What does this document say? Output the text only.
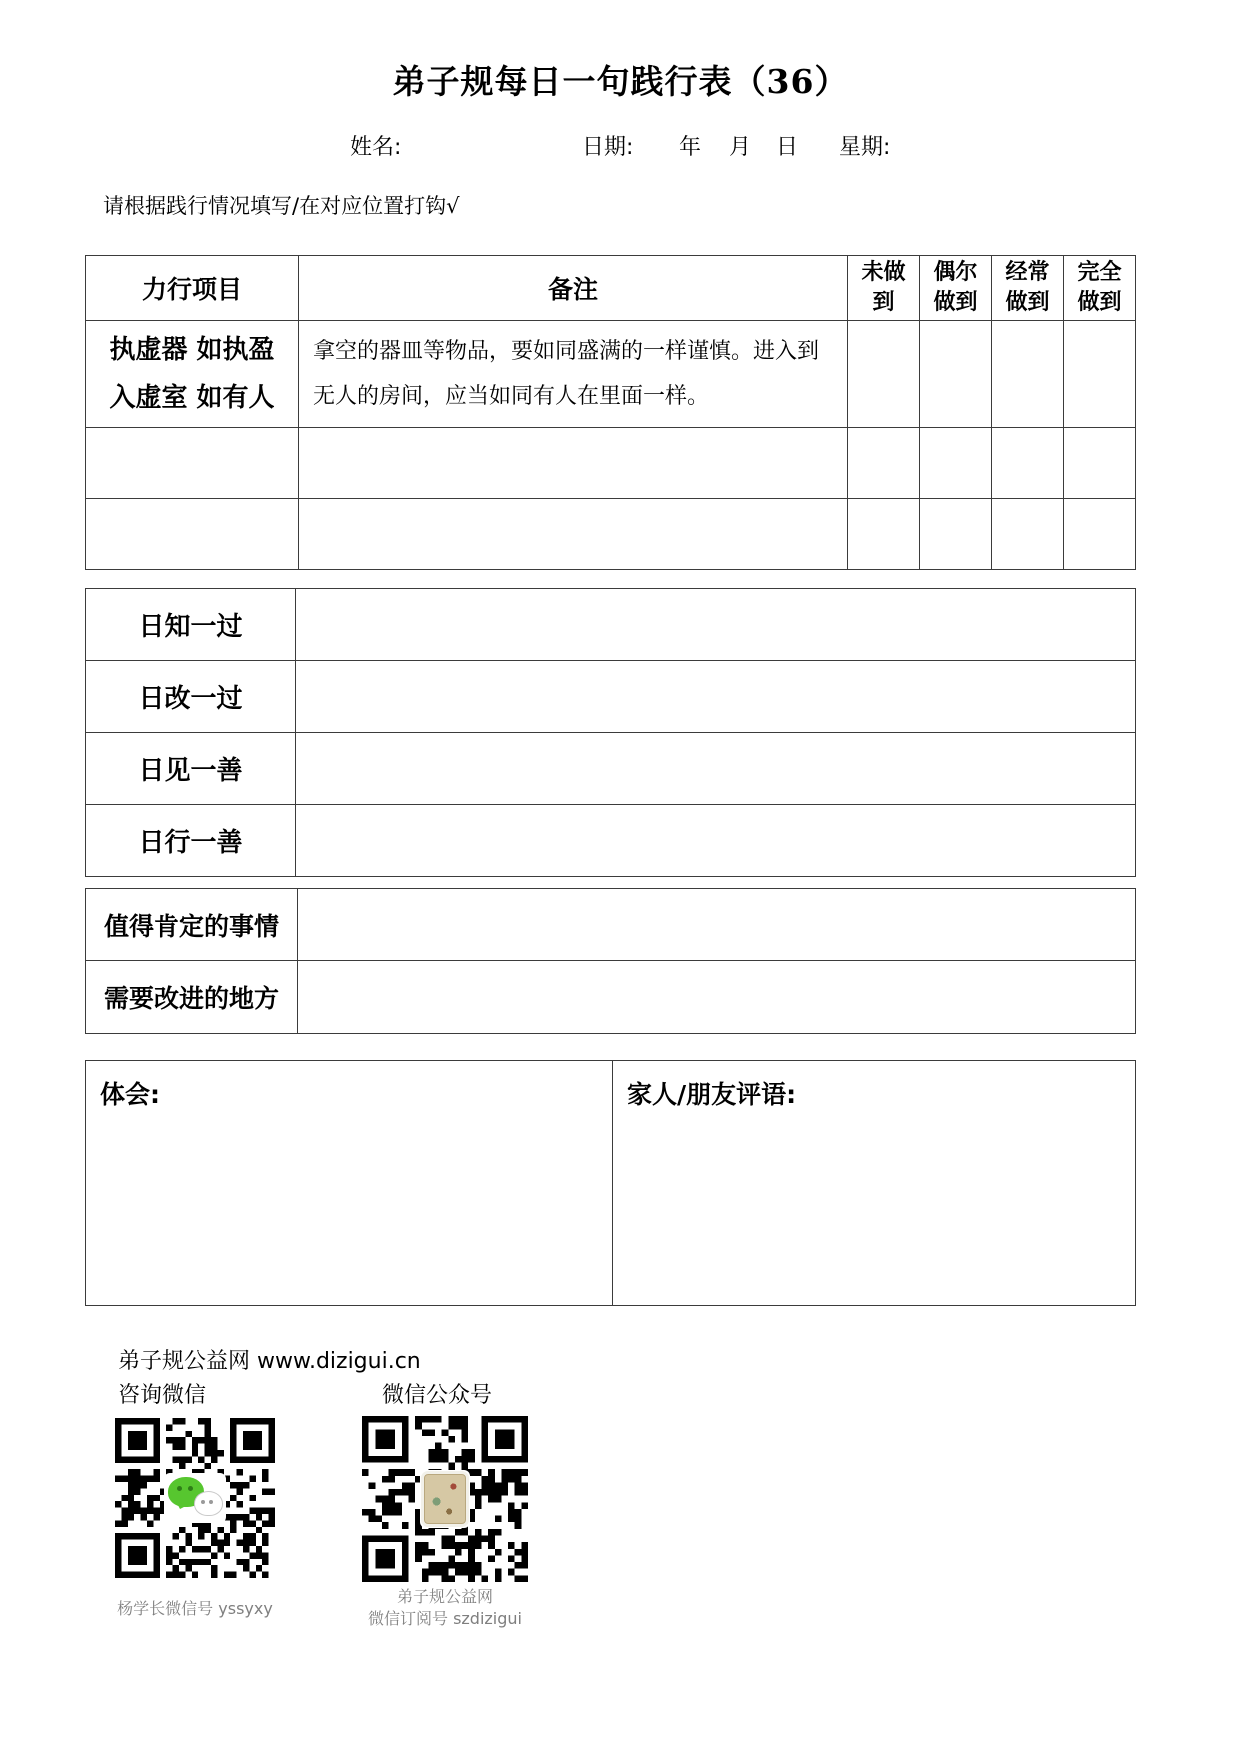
弟子规每日一句践行表（36）
姓名:	日期: 年 月 日 星期:
请根据践行情况填写/在对应位置打钩√
力行项目	备注	未做到	偶尔做到	经常做到	完全做到

执虚器 如执盈
入虚室 如有人	拿空的器皿等物品，要如同盛满的一样谨慎。进入到无人的房间，应当如同有人在里面一样。				

日知一过	
日改一过	
日见一善	
日行一善	
值得肯定的事情	
需要改进的地方	
体会:	家人/朋友评语:
弟子规公益网 www.dizigui.cn
咨询微信	微信公众号
杨学长微信号 yssyxy
弟子规公益网
微信订阅号 szdizigui
